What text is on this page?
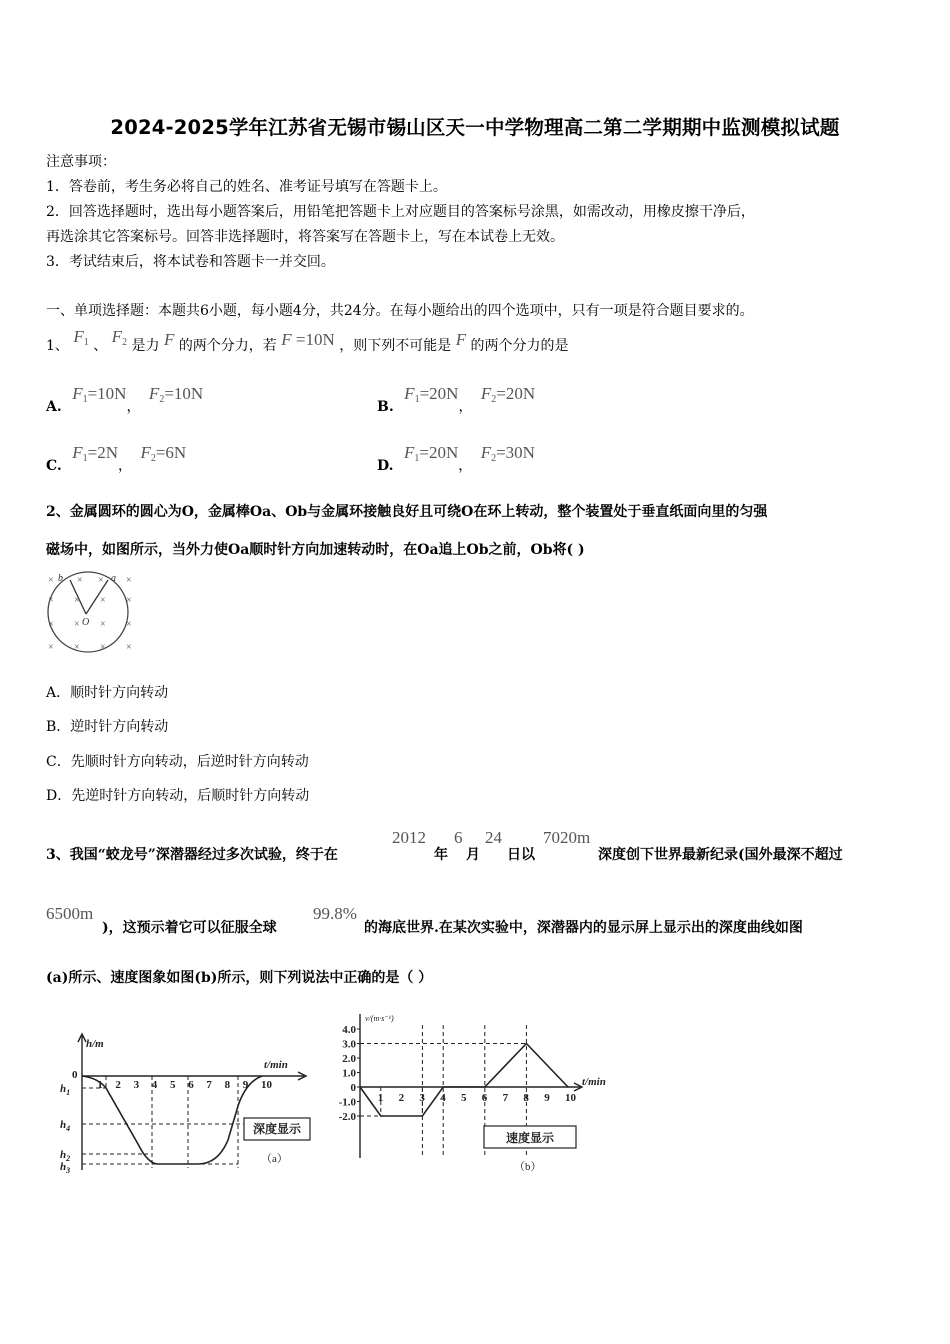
2024-2025学年江苏省无锡市锡山区天一中学物理高二第二学期期中监测模拟试题
注意事项：
1．答卷前，考生务必将自己的姓名、准考证号填写在答题卡上。
2．回答选择题时，选出每小题答案后，用铅笔把答题卡上对应题目的答案标号涂黑，如需改动，用橡皮擦干净后，
再选涂其它答案标号。回答非选择题时，将答案写在答题卡上，写在本试卷上无效。
3．考试结束后，将本试卷和答题卡一并交回。
一、单项选择题：本题共6小题，每小题4分，共24分。在每小题给出的四个选项中，只有一项是符合题目要求的。
1、 $F_1$ 、 $F_2$ 是力 F 的两个分力，若 F =10N ，则下列不可能是 F 的两个分力的是
A. $F_1=10N$， $F_2=10N$
B. $F_1=20N$， $F_2=20N$
C. $F_1=2N$， $F_2=6N$
D. $F_1=20N$， $F_2=30N$
2、金属圆环的圆心为O，金属棒Oa、Ob与金属环接触良好且可绕O在环上转动，整个装置处于垂直纸面向里的匀强
磁场中，如图所示，当外力使Oa顺时针方向加速转动时，在Oa追上Ob之前，Ob将( )
× × × ×
× × × ×
× × × ×
× × × ×
b	a
O
A．顺时针方向转动
B．逆时针方向转动
C．先顺时针方向转动，后逆时针方向转动
D．先逆时针方向转动，后顺时针方向转动
3、我国“蛟龙号”深潜器经过多次试验，终于在
2012
年
6
月
24
日以
7020m
深度创下世界最新纪录(国外最深不超过
6500m
)，这预示着它可以征服全球
99.8%
的海底世界.在某次实验中，深潜器内的显示屏上显示出的深度曲线如图
(a)所示、速度图象如图(b)所示，则下列说法中正确的是（ ）
h/m
t/min
0
1 2 3 4 5 6 7 8 9 10
$h_1$
$h_4$
$h_2$
$h_3$
深度显示
（a）
1 2 3 4 5 6 7 8 9 10
4.0
3.0
2.0
1.0
0
-1.0
-2.0
v/(m·s⁻¹)
t/min
速度显示
（b）
